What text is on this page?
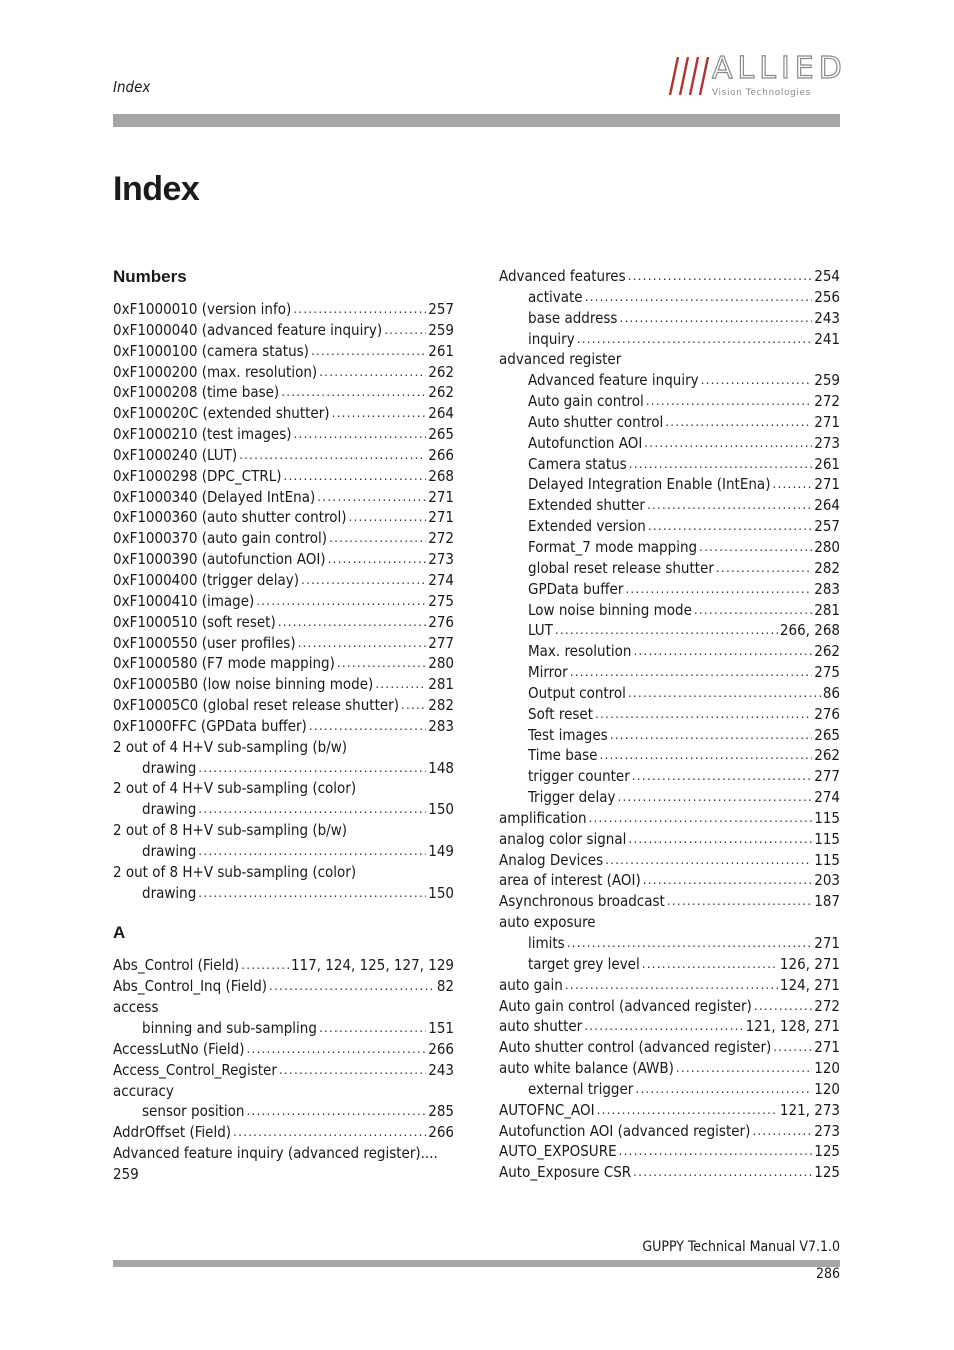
Index
ALLIED
Vision Technologies
Index
Numbers
0xF1000010 (version info) .....	257
0xF1000040 (advanced feature inquiry) .....	259
0xF1000100 (camera status) .....	261
0xF1000200 (max. resolution) .....	262
0xF1000208 (time base) .....	262
0xF100020C (extended shutter) .....	264
0xF1000210 (test images) .....	265
0xF1000240 (LUT) .....	266
0xF1000298 (DPC_CTRL) .....	268
0xF1000340 (Delayed IntEna) .....	271
0xF1000360 (auto shutter control) .....	271
0xF1000370 (auto gain control) .....	272
0xF1000390 (autofunction AOI) .....	273
0xF1000400 (trigger delay) .....	274
0xF1000410 (image) .....	275
0xF1000510 (soft reset) .....	276
0xF1000550 (user profiles) .....	277
0xF1000580 (F7 mode mapping) .....	280
0xF10005B0 (low noise binning mode) .....	281
0xF10005C0 (global reset release shutter) ..... 282
0xF1000FFC (GPData buffer) .....	283
2 out of 4 H+V sub-sampling (b/w)
drawing .....	148
2 out of 4 H+V sub-sampling (color)
drawing .....	150
2 out of 8 H+V sub-sampling (b/w)
drawing .....	149
2 out of 8 H+V sub-sampling (color)
drawing .....	150
A
Abs_Control (Field) .....	117, 124, 125, 127, 129
Abs_Control_Inq (Field) .....	82
access
binning and sub-sampling .....	151
AccessLutNo (Field) .....	266
Access_Control_Register .....	243
accuracy
sensor position .....	285
AddrOffset (Field) .....	266
Advanced feature inquiry (advanced register)....
259
Advanced features .....	254
activate .....	256
base address .....	243
inquiry .....	241
advanced register
Advanced feature inquiry .....	259
Auto gain control .....	272
Auto shutter control .....	271
Autofunction AOI .....	273
Camera status .....	261
Delayed Integration Enable (IntEna) .....	271
Extended shutter .....	264
Extended version .....	257
Format_7 mode mapping .....	280
global reset release shutter .....	282
GPData buffer .....	283
Low noise binning mode .....	281
LUT .....	266, 268
Max. resolution .....	262
Mirror .....	275
Output control .....	86
Soft reset .....	276
Test images .....	265
Time base .....	262
trigger counter .....	277
Trigger delay .....	274
amplification .....	115
analog color signal .....	115
Analog Devices .....	115
area of interest (AOI) .....	203
Asynchronous broadcast .....	187
auto exposure
limits .....	271
target grey level .....	126, 271
auto gain .....	124, 271
Auto gain control (advanced register) .....	272
auto shutter .....	121, 128, 271
Auto shutter control (advanced register) .....	271
auto white balance (AWB) .....	120
external trigger .....	120
AUTOFNC_AOI .....	121, 273
Autofunction AOI (advanced register) .....	273
AUTO_EXPOSURE .....	125
Auto_Exposure CSR .....	125
GUPPY Technical Manual V7.1.0
286
